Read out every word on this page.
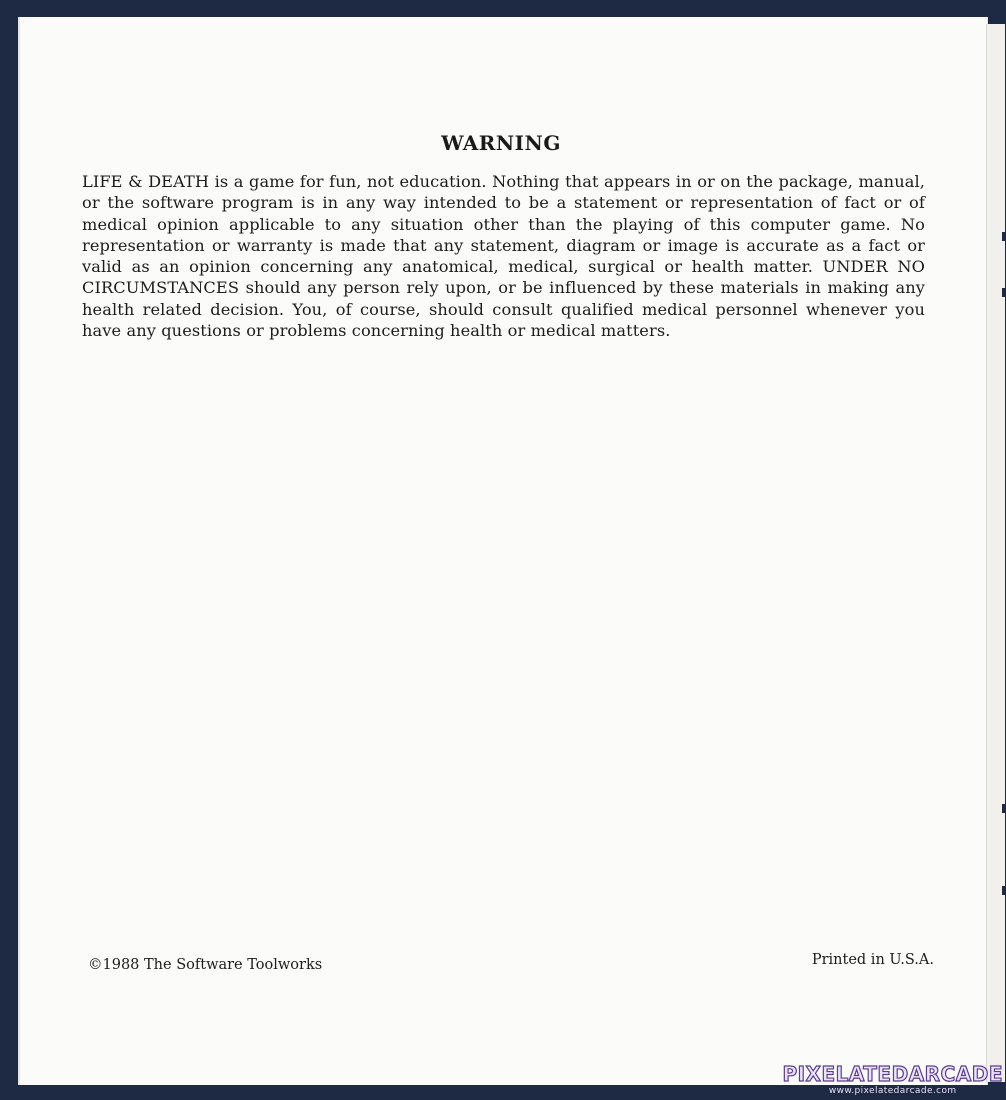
WARNING
LIFE & DEATH is a game for fun, not education. Nothing that appears in or on the package, manual, or the software program is in any way intended to be a statement or representation of fact or of medical opinion applicable to any situation other than the playing of this computer game. No representation or warranty is made that any statement, diagram or image is accurate as a fact or valid as an opinion concerning any anatomical, medical, surgical or health matter. UNDER NO CIRCUMSTANCES should any person rely upon, or be influenced by these materials in making any health related decision. You, of course, should consult qualified medical personnel whenever you have any questions or problems concerning health or medical matters.
©1988 The Software Toolworks	Printed in U.S.A.
PIXELATEDARCADE
www.pixelatedarcade.com
